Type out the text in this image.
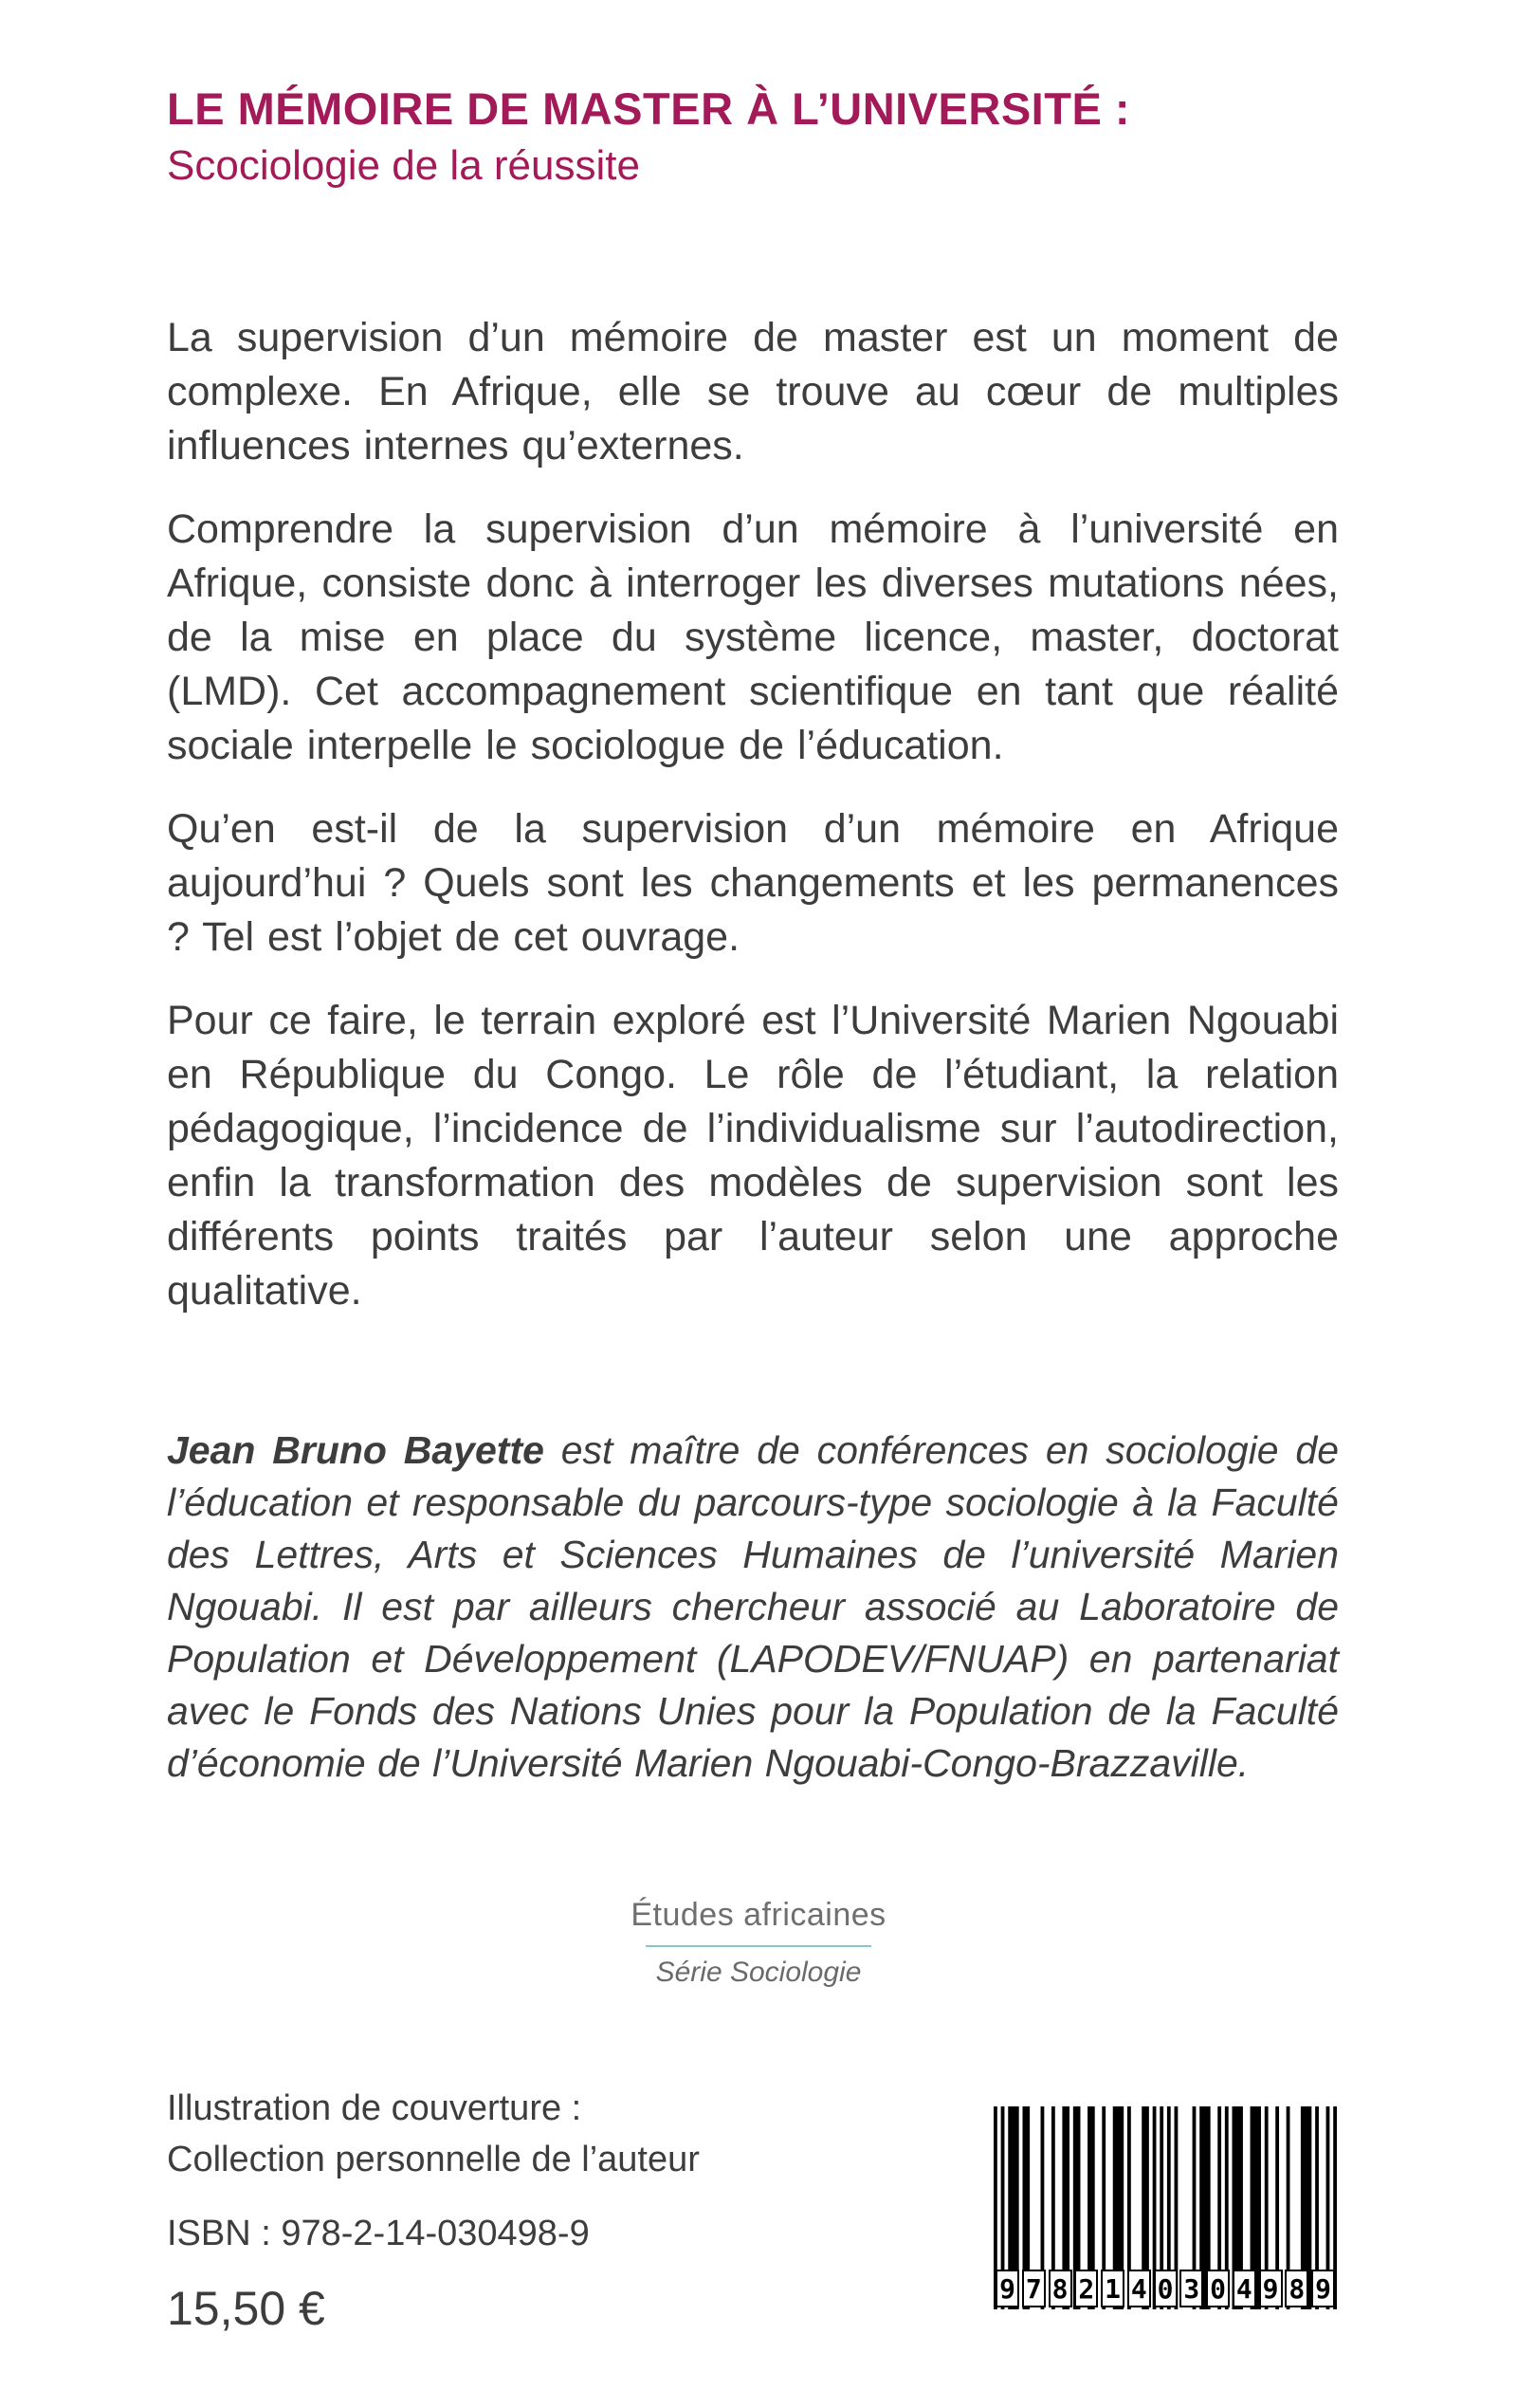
LE MÉMOIRE DE MASTER À L’UNIVERSITÉ :
Scociologie de la réussite

La supervision d’un mémoire de master est un moment de complexe. En Afrique, elle se trouve au cœur de multiples influences internes qu’externes.

Comprendre la supervision d’un mémoire à l’université en Afrique, consiste donc à interroger les diverses mutations nées, de la mise en place du système licence, master, doctorat (LMD). Cet accompagnement scientifique en tant que réalité sociale interpelle le sociologue de l’éducation.

Qu’en est-il de la supervision d’un mémoire en Afrique aujourd’hui ? Quels sont les changements et les permanences ? Tel est l’objet de cet ouvrage.

Pour ce faire, le terrain exploré est l’Université Marien Ngouabi en République du Congo. Le rôle de l’étudiant, la relation pédagogique, l’incidence de l’individualisme sur l’autodirection, enfin la transformation des modèles de supervision sont les différents points traités par l’auteur selon une approche qualitative.

Jean Bruno Bayette est maître de conférences en sociologie de l’éducation et responsable du parcours-type sociologie à la Faculté des Lettres, Arts et Sciences Humaines de l’université Marien Ngouabi. Il est par ailleurs chercheur associé au Laboratoire de Population et Développement (LAPODEV/FNUAP) en partenariat avec le Fonds des Nations Unies pour la Population de la Faculté d’économie de l’Université Marien Ngouabi-Congo-Brazzaville.

Études africaines
Série Sociologie
Illustration de couverture :
Collection personnelle de l’auteur
ISBN : 978-2-14-030498-9
15,50 €	9 7 8 2 1 4 0 3 0 4 9 8 9
